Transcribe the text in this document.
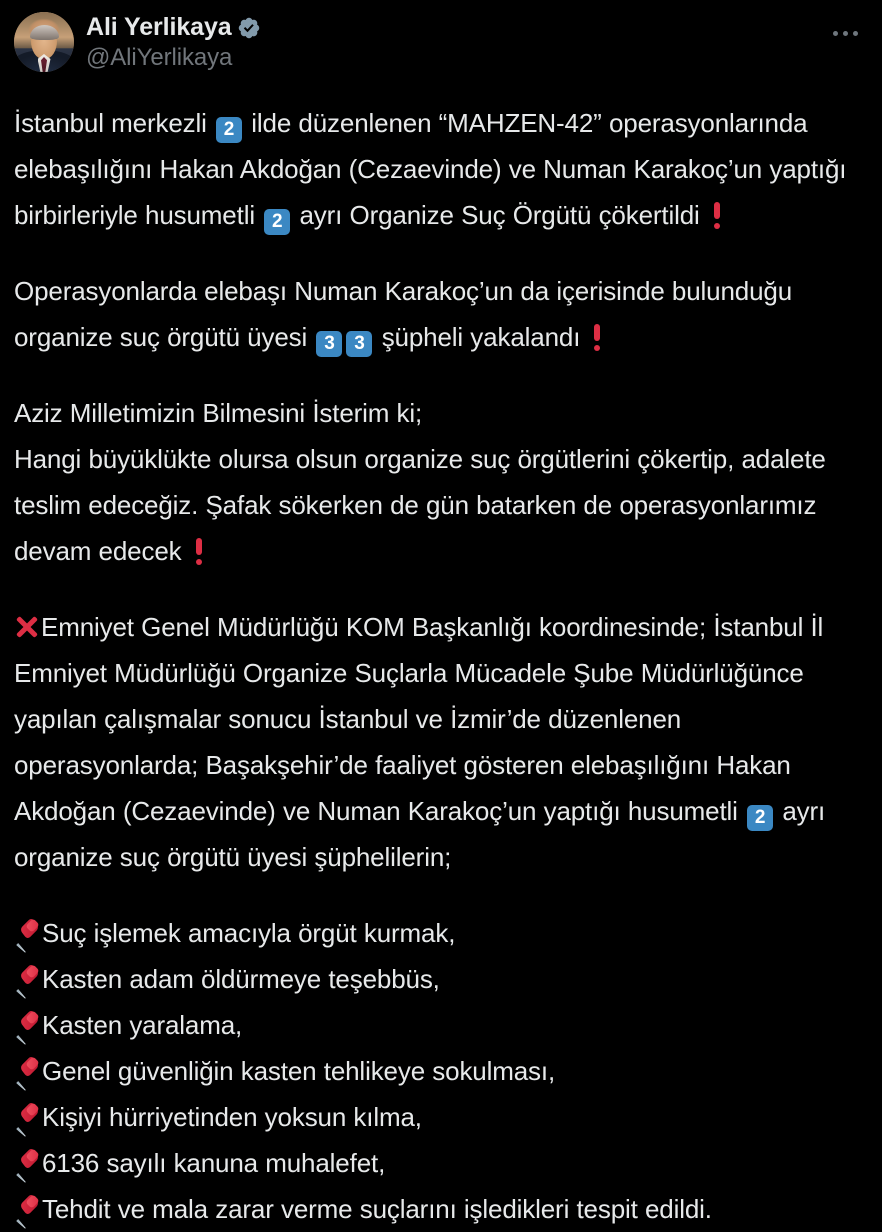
Ali Yerlikaya
@AliYerlikaya
İstanbul merkezli 2 ilde düzenlenen “MAHZEN-42” operasyonlarında elebaşılığını Hakan Akdoğan (Cezaevinde) ve Numan Karakoç’un yaptığı birbirleriyle husumetli 2 ayrı Organize Suç Örgütü çökertildi
Operasyonlarda elebaşı Numan Karakoç’un da içerisinde bulunduğu organize suç örgütü üyesi 3 3 şüpheli yakalandı
Aziz Milletimizin Bilmesini İsterim ki;
Hangi büyüklükte olursa olsun organize suç örgütlerini çökertip, adalete teslim edeceğiz. Şafak sökerken de gün batarken de operasyonlarımız devam edecek
Emniyet Genel Müdürlüğü KOM Başkanlığı koordinesinde; İstanbul İl Emniyet Müdürlüğü Organize Suçlarla Mücadele Şube Müdürlüğünce yapılan çalışmalar sonucu İstanbul ve İzmir’de düzenlenen operasyonlarda; Başakşehir’de faaliyet gösteren elebaşılığını Hakan Akdoğan (Cezaevinde) ve Numan Karakoç’un yaptığı husumetli 2 ayrı organize suç örgütü üyesi şüphelilerin;
Suç işlemek amacıyla örgüt kurmak,
Kasten adam öldürmeye teşebbüs,
Kasten yaralama,
Genel güvenliğin kasten tehlikeye sokulması,
Kişiyi hürriyetinden yoksun kılma,
6136 sayılı kanuna muhalefet,
Tehdit ve mala zarar verme suçlarını işledikleri tespit edildi.
